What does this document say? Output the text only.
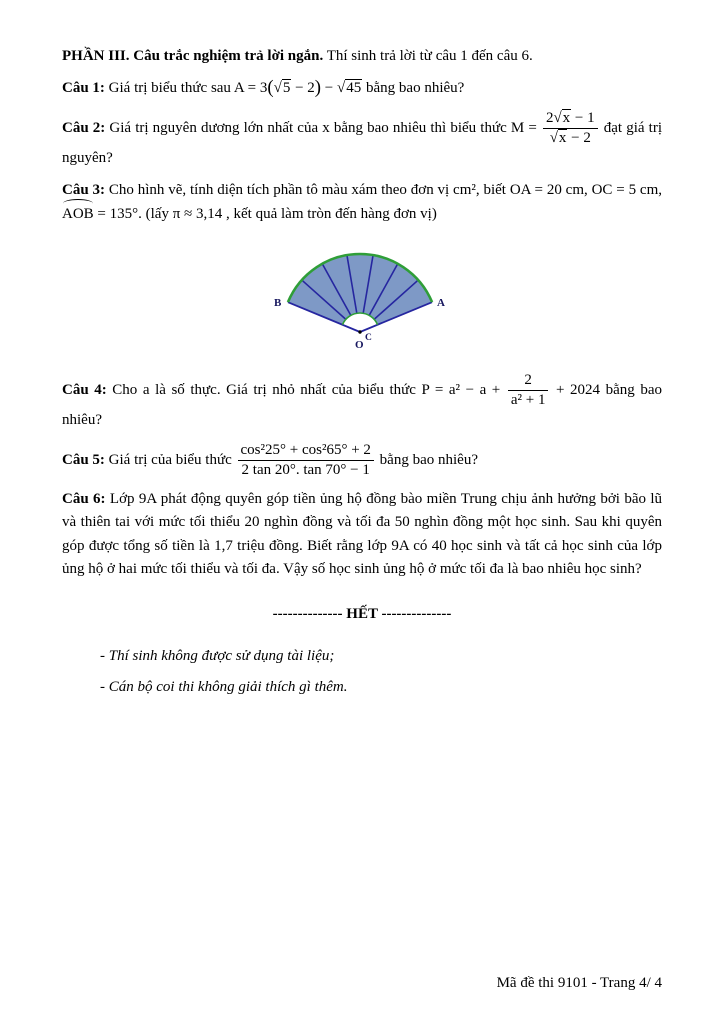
PHẦN III. Câu trắc nghiệm trả lời ngắn. Thí sinh trả lời từ câu 1 đến câu 6.

Câu 1: Giá trị biểu thức sau A = 3( √ 5 − 2) − √ 45 bằng bao nhiêu?

Câu 2: Giá trị nguyên dương lớn nhất của x bằng bao nhiêu thì biểu thức M = 2 √ x − 1
√ x − 2 đạt giá trị nguyên?

Câu 3: Cho hình vẽ, tính diện tích phần tô màu xám theo đơn vị cm², biết OA = 20 cm, OC = 5 cm, AOB = 135°. (lấy π ≈ 3,14 , kết quả làm tròn đến hàng đơn vị)

B	A
O
C

Câu 4: Cho a là số thực. Giá trị nhỏ nhất của biểu thức $P = a^2 - a + \frac{2}{\text{a² + 1}} + 2024$ bằng bao nhiêu?

Câu 5: Giá trị của biểu thức $\frac{\text{cos²25° + cos²65° + 2}}{2 \tan 20^\circ. \tan 70^\circ - 1}$ bằng bao nhiêu?

Câu 6: Lớp 9A phát động quyên góp tiền ủng hộ đồng bào miền Trung chịu ảnh hưởng bởi bão lũ và thiên tai với mức tối thiểu 20 nghìn đồng và tối đa 50 nghìn đồng một học sinh. Sau khi quyên góp được tổng số tiền là 1,7 triệu đồng. Biết rằng lớp 9A có 40 học sinh và tất cả học sinh của lớp ủng hộ ở hai mức tối thiểu và tối đa. Vậy số học sinh ủng hộ ở mức tối đa là bao nhiêu học sinh?

-------------- HẾT --------------

- Thí sinh không được sử dụng tài liệu;

- Cán bộ coi thi không giải thích gì thêm.

Mã đề thi 9101 - Trang 4/ 4
